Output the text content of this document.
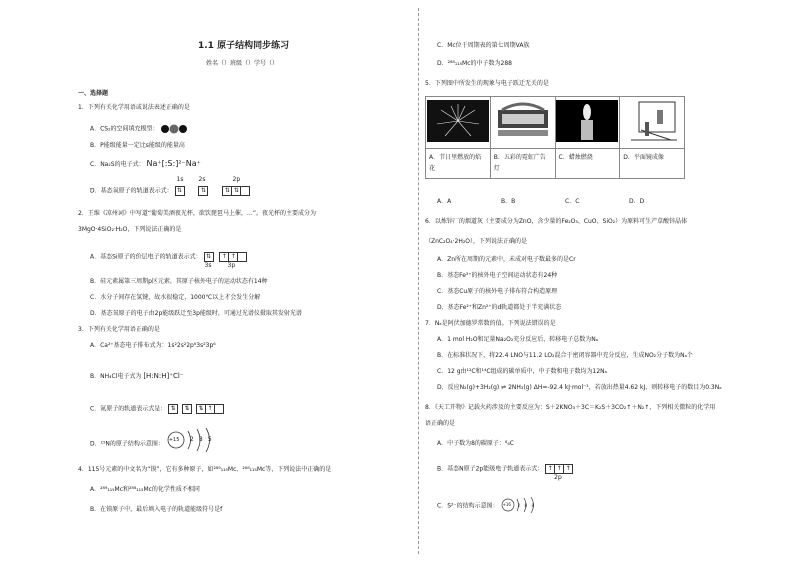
1.1 原子结构同步练习
姓名（）班级（）学号（）
一、选择题
1．下列有关化学用语或说法表述正确的是
A．CS₂的空间填充模型：
B．P能级能量一定比s能级的能量高
C．Na₂S的电子式： Na⁺[:S:]²⁻Na⁺
D．基态氧原子的轨道表示式：
1s	2s	2p
⇅	⇅	⇅ ⇅
2．王维《凉州词》中写道“葡萄美酒夜光杯，欲饮琵琶马上催，…”。夜光杯的主要成分为
3MgO·4SiO₂·H₂O，下列说法正确的是
A．基态Si原子的价层电子的轨道表示式： ⇅ ↑ ↑
3s	3p
B．硅元素属第三周期p区元素，其原子核外电子的运动状态有14种
C．水分子间存在氢键，故水很稳定，1000℃以上才会发生分解
D．基态氧原子的电子由2p能级跃迁至3p能级时，可通过光谱仪摄取其发射光谱
3．下列有关化学用语正确的是
A．Ca²⁺基态电子排布式为：1s²2s²2p⁶3s²3p⁶
B．NH₄Cl电子式为 [H:N:H]⁺Cl⁻
C．氮原子的轨道表示式是： ⇅ ⇅ ⇅ ↑
D．¹⁵N的原子结构示意图：
+15 2 8 5
4．115号元素的中文名为“镆”，它有多种原子，如²⁸⁹₁₁₅Mc、²⁸⁸₁₁₅Mc等，下列说法中正确的是
A．²⁸⁹₁₁₅Mc和²⁸⁸₁₁₅Mc的化学性质不相同
B．在镆原子中，最后填入电子的轨道能级符号是f
C．Mc位于周期表的第七周期VA族
D．²⁸⁸₁₁₅Mc的中子数为288
5．下列图中所发生的现象与电子跃迁无关的是

A．节日里燃放的焰花	B．五彩的霓虹广告灯	C．蜡烛燃烧	D．平面镜成像
A．A	B．B	C．C	D．D
6．以炼锌厂的烟道灰（主要成分为ZnO，含少量的Fe₂O₃、CuO、SiO₂）为原料可生产草酸锌晶体
（ZnC₂O₄·2H₂O），下列说法正确的是
A．Zn所在周期的元素中，未成对电子数最多的是Cr
B．基态Fe³⁺的核外电子空间运动状态有24种
C．基态Cu原子的核外电子排布符合构造原理
D．基态Fe²⁺和Zn²⁺的d轨道都处于半充满状态
7．Nₐ是阿伏加德罗常数的值。下列说法错误的是
A．1 mol H₂O和足量Na₂O₂充分反应后，转移电子总数为Nₐ
B．在标准状况下，将22.4 LNO与11.2 LO₂混合于密闭容器中充分反应，生成NO₂分子数为Nₐ个
C．12 g由¹²C和¹⁴C组成的碳单质中，中子数和电子数均为12Nₐ
D．反应N₂(g)+3H₂(g) ⇌ 2NH₃(g) ΔH=-92.4 kJ·mol⁻¹，若放出热量4.62 kJ，则转移电子的数目为0.3Nₐ
8．《天工开物》记载火药涉及的主要反应为：S＋2KNO₃＋3C＝K₂S＋3CO₂↑＋N₂↑，下列相关微粒的化学用
语正确的是
A．中子数为8的碳原子：⁸₆C
B．基态N原子2p能级电子轨道表示式： ↑ ↑ ↑
2p
C．S²⁻的结构示意图： +16 2 8 8
